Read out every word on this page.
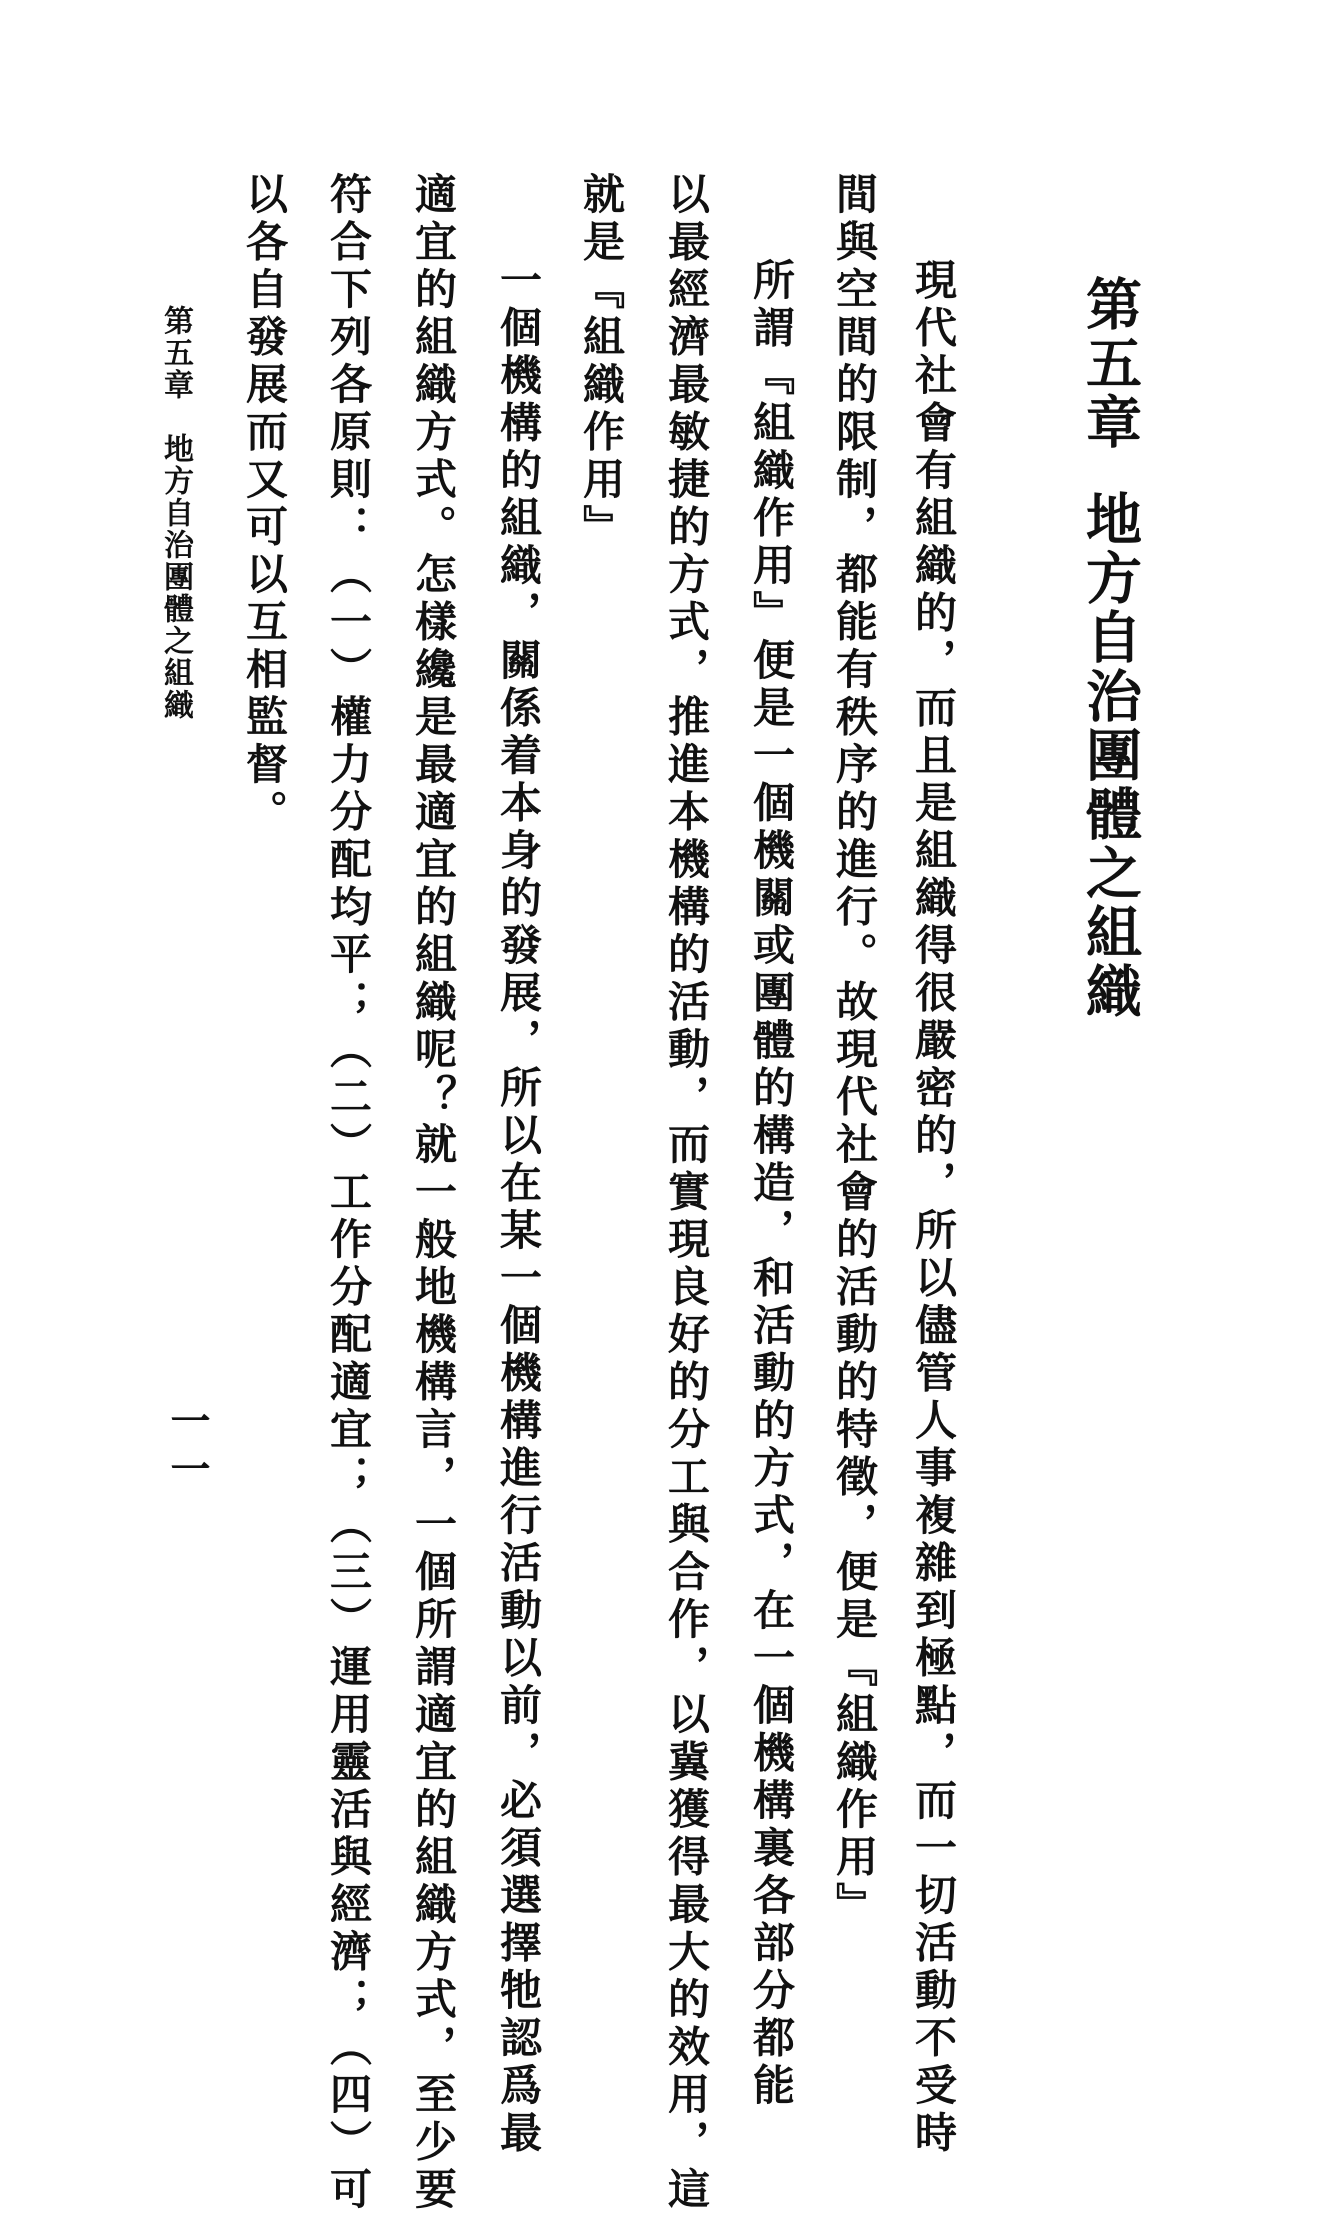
第五章
地方自治團體之組織
現代社會有組織的，而且是組織得很嚴密的，所以儘管人事複雜到極點，而一切活動不受時
間與空間的限制，都能有秩序的進行。故現代社會的活動的特徵，便是『組織作用』
所謂『組織作用』便是一個機關或團體的構造，和活動的方式，在一個機構裏各部分都能
以最經濟最敏捷的方式，推進本機構的活動，而實現良好的分工與合作，以冀獲得最大的效用，這
就是『組織作用』
一個機構的組織，關係着本身的發展，所以在某一個機構進行活動以前，必須選擇牠認爲最
適宜的組織方式。怎樣纔是最適宜的組織呢？就一般地機構言，一個所謂適宜的組織方式，至少要
符合下列各原則：（一）權力分配均平；（二）工作分配適宜；（三）運用靈活與經濟；（四）可
以各自發展而又可以互相監督。
第五章　地方自治團體之組織
一一
